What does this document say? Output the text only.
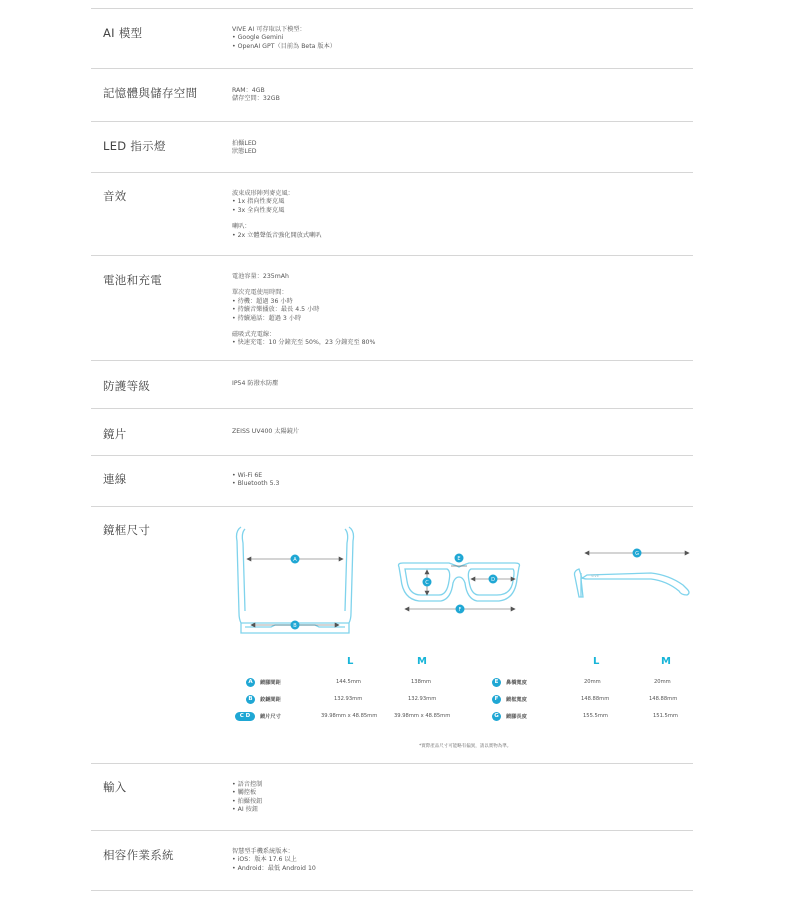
AI 模型	VIVE AI 可存取以下模型：
• Google Gemini
• OpenAI GPT（目前為 Beta 版本）
記憶體與儲存空間	RAM：4GB
儲存空間：32GB
LED 指示燈	拍攝LED
狀態LED
音效	波束成形陣列麥克風：
• 1x 指向性麥克風
• 3x 全向性麥克風
喇叭：
• 2x 立體聲低音強化開放式喇叭
電池和充電	電池容量：235mAh
單次充電使用時間：
• 待機：超過 36 小時
• 持續音樂播放：最長 4.5 小時
• 持續通話：超過 3 小時
磁吸式充電線：
• 快速充電：10 分鐘充至 50%，23 分鐘充至 80%
防護等級	IP54 防潑水防塵
鏡片	ZEISS UV400 太陽鏡片
連線	• Wi-Fi 6E
• Bluetooth 5.3
鏡框尺寸
A
B
C	D
E
F
VIVE
G
L	M	L	M
A	鏡腳間距	144.5mm	138mm
B	鉸鏈間距	132.93mm	132.93mm
C D	鏡片尺寸	39.98mm x 48.85mm	39.98mm x 48.85mm
E	鼻橋寬度	20mm	20mm
F	鏡框寬度	148.88mm	148.88mm
G	鏡腳長度	155.5mm	151.5mm
*實際產品尺寸可能略有偏異，請以實物為準。
輸入	• 語音控制
• 觸控板
• 拍攝按鈕
• AI 按鈕
相容作業系統	智慧型手機系統版本：
• iOS：版本 17.6 以上
• Android：最低 Android 10
